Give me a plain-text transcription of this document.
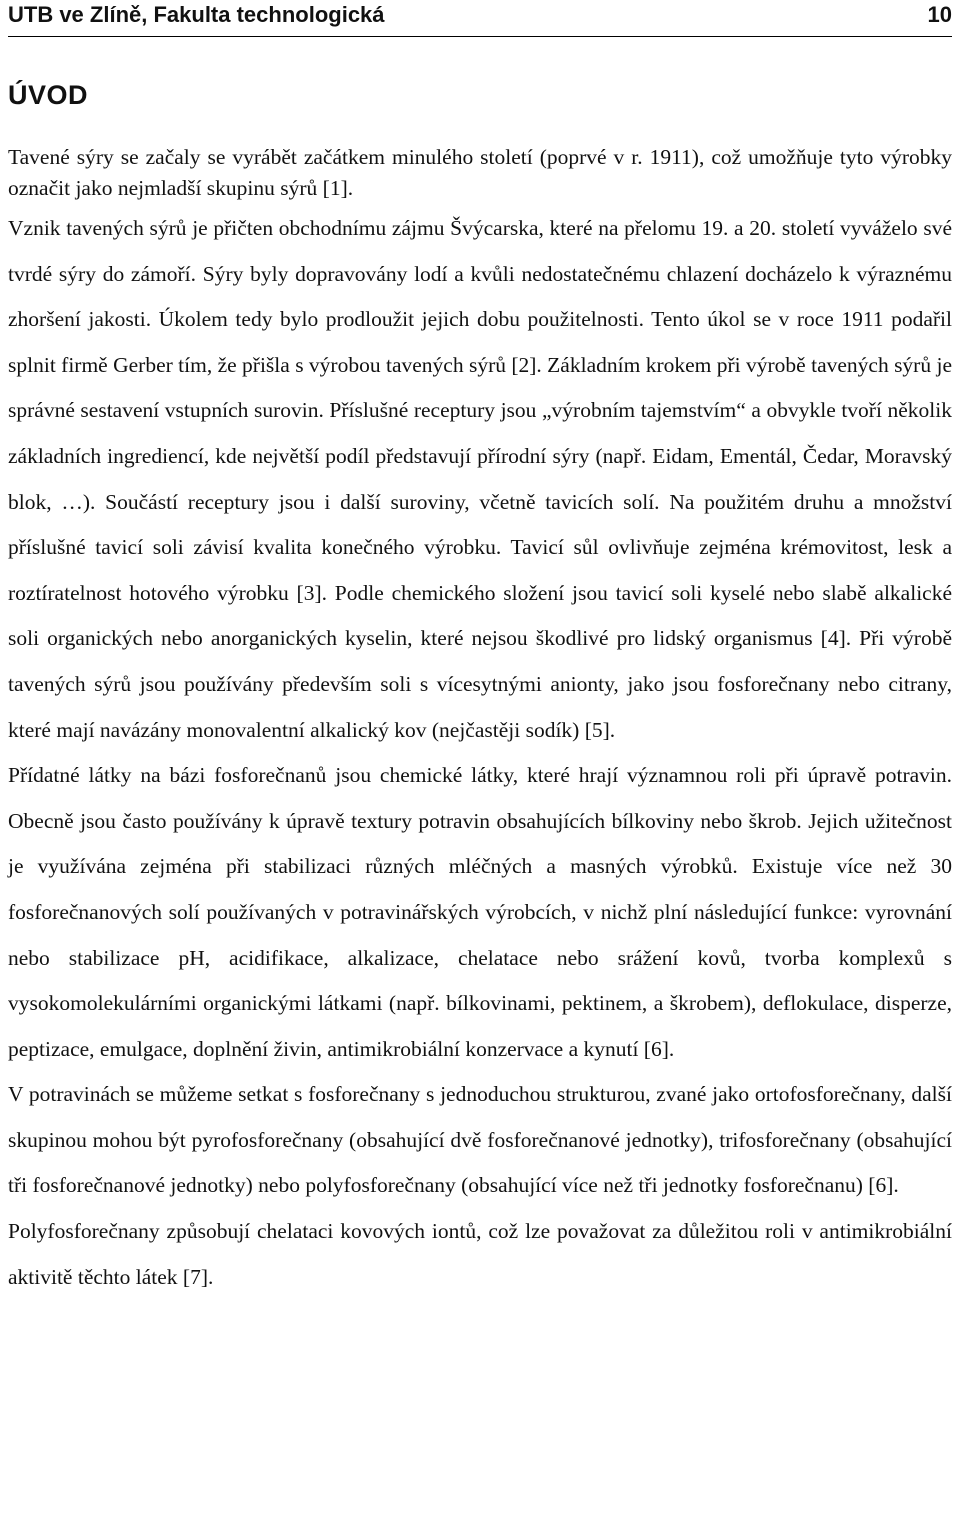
UTB ve Zlíně, Fakulta technologická	10
ÚVOD

Tavené sýry se začaly se vyrábět začátkem minulého století (poprvé v r. 1911), což umožňuje tyto výrobky označit jako nejmladší skupinu sýrů [1].

Vznik tavených sýrů je přičten obchodnímu zájmu Švýcarska, které na přelomu 19. a 20. století vyváželo své tvrdé sýry do zámoří. Sýry byly dopravovány lodí a kvůli nedostatečnému chlazení docházelo k výraznému zhoršení jakosti. Úkolem tedy bylo prodloužit jejich dobu použitelnosti. Tento úkol se v roce 1911 podařil splnit firmě Gerber tím, že přišla s výrobou tavených sýrů [2]. Základním krokem při výrobě tavených sýrů je správné sestavení vstupních surovin. Příslušné receptury jsou „výrobním tajemstvím“ a obvykle tvoří několik základních ingrediencí, kde největší podíl představují přírodní sýry (např. Eidam, Ementál, Čedar, Moravský blok, …). Součástí receptury jsou i další suroviny, včetně tavicích solí. Na použitém druhu a množství příslušné tavicí soli závisí kvalita konečného výrobku. Tavicí sůl ovlivňuje zejména krémovitost, lesk a roztíratelnost hotového výrobku [3]. Podle chemického složení jsou tavicí soli kyselé nebo slabě alkalické soli organických nebo anorganických kyselin, které nejsou škodlivé pro lidský organismus [4]. Při výrobě tavených sýrů jsou používány především soli s vícesytnými anionty, jako jsou fosforečnany nebo citrany, které mají navázány monovalentní alkalický kov (nejčastěji sodík) [5].

Přídatné látky na bázi fosforečnanů jsou chemické látky, které hrají významnou roli při úpravě potravin. Obecně jsou často používány k úpravě textury potravin obsahujících bílkoviny nebo škrob. Jejich užitečnost je využívána zejména při stabilizaci různých mléčných a masných výrobků. Existuje více než 30 fosforečnanových solí používaných v potravinářských výrobcích, v nichž plní následující funkce: vyrovnání nebo stabilizace pH, acidifikace, alkalizace, chelatace nebo srážení kovů, tvorba komplexů s vysokomolekulárními organickými látkami (např. bílkovinami, pektinem, a škrobem), deflokulace, disperze, peptizace, emulgace, doplnění živin, antimikrobiální konzervace a kynutí [6].

V potravinách se můžeme setkat s fosforečnany s jednoduchou strukturou, zvané jako ortofosforečnany, další skupinou mohou být pyrofosforečnany (obsahující dvě fosforečnanové jednotky), trifosforečnany (obsahující tři fosforečnanové jednotky) nebo polyfosforečnany (obsahující více než tři jednotky fosforečnanu) [6].

Polyfosforečnany způsobují chelataci kovových iontů, což lze považovat za důležitou roli v antimikrobiální aktivitě těchto látek [7].
